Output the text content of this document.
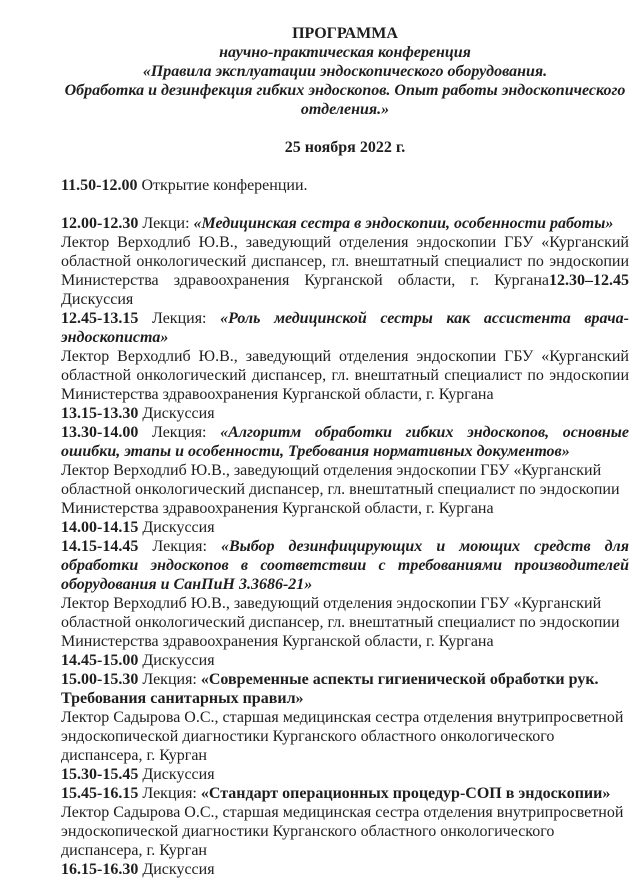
ПРОГРАММА

научно-практическая конференция

«Правила эксплуатации эндоскопического оборудования.

Обработка и дезинфекция гибких эндоскопов. Опыт работы эндоскопического отделения.»

25 ноября 2022 г.

11.50-12.00 Открытие конференции.

12.00-12.30 Лекци: «Медицинская сестра в эндоскопии, особенности работы»

Лектор Верходлиб Ю.В., заведующий отделения эндоскопии ГБУ «Курганский областной онкологический диспансер, гл. внештатный специалист по эндоскопии Министерства здравоохранения Курганской области, г. Кургана12.30–12.45 Дискуссия

12.45-13.15 Лекция: «Роль медицинской сестры как ассистента врача-эндоскописта»

Лектор Верходлиб Ю.В., заведующий отделения эндоскопии ГБУ «Курганский областной онкологический диспансер, гл. внештатный специалист по эндоскопии Министерства здравоохранения Курганской области, г. Кургана

13.15-13.30 Дискуссия

13.30-14.00 Лекция: «Алгоритм обработки гибких эндоскопов, основные ошибки, этапы и особенности, Требования нормативных документов»

Лектор Верходлиб Ю.В., заведующий отделения эндоскопии ГБУ «Курганский областной онкологический диспансер, гл. внештатный специалист по эндоскопии Министерства здравоохранения Курганской области, г. Кургана

14.00-14.15 Дискуссия

14.15-14.45 Лекция: «Выбор дезинфицирующих и моющих средств для обработки эндоскопов в соответствии с требованиями производителей оборудования и СанПиН 3.3686-21»

Лектор Верходлиб Ю.В., заведующий отделения эндоскопии ГБУ «Курганский областной онкологический диспансер, гл. внештатный специалист по эндоскопии Министерства здравоохранения Курганской области, г. Кургана

14.45-15.00 Дискуссия

15.00-15.30 Лекция: «Современные аспекты гигиенической обработки рук. Требования санитарных правил»

Лектор Садырова О.С., старшая медицинская сестра отделения внутрипросветной эндоскопической диагностики Курганского областного онкологического диспансера, г. Курган

15.30-15.45 Дискуссия

15.45-16.15 Лекция: «Стандарт операционных процедур-СОП в эндоскопии»

Лектор Садырова О.С., старшая медицинская сестра отделения внутрипросветной эндоскопической диагностики Курганского областного онкологического диспансера, г. Курган

16.15-16.30 Дискуссия
